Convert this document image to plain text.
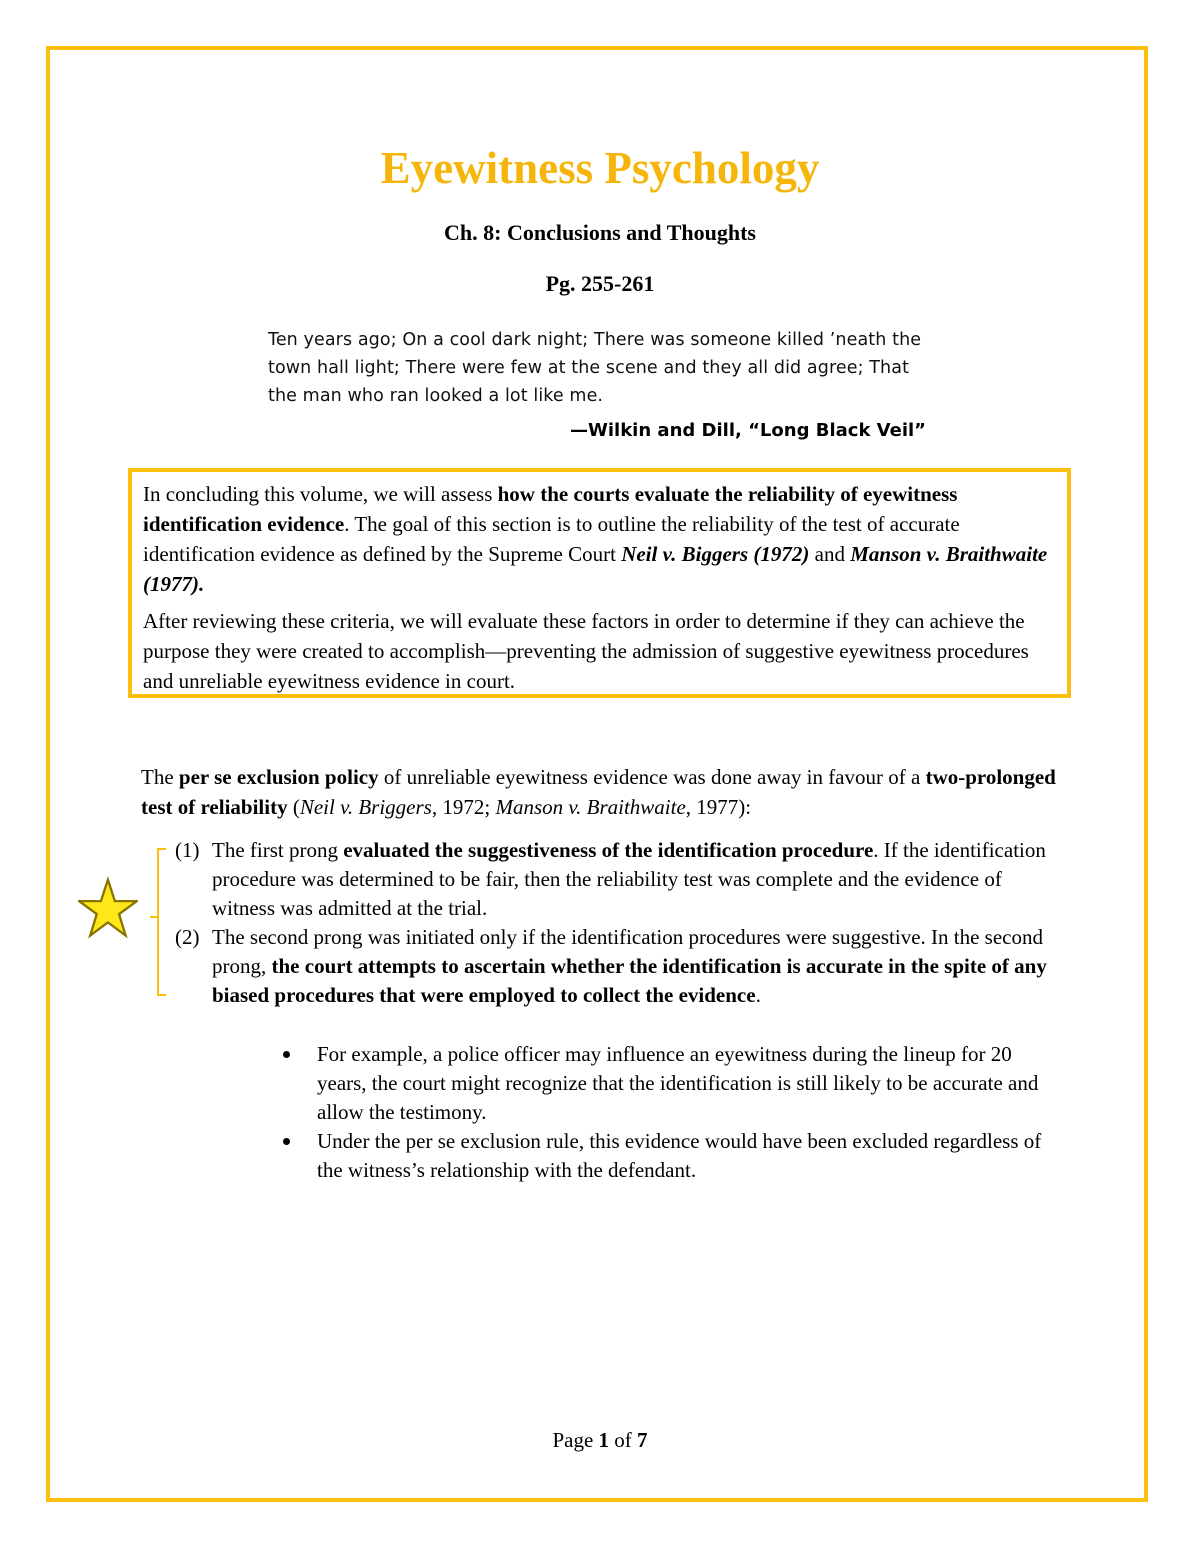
Eyewitness Psychology
Ch. 8: Conclusions and Thoughts
Pg. 255-261
Ten years ago; On a cool dark night; There was someone killed ’neath the town hall light; There were few at the scene and they all did agree; That the man who ran looked a lot like me.
—Wilkin and Dill, “Long Black Veil”

In concluding this volume, we will assess how the courts evaluate the reliability of eyewitness identification evidence. The goal of this section is to outline the reliability of the test of accurate identification evidence as defined by the Supreme Court Neil v. Biggers (1972) and Manson v. Braithwaite (1977).

After reviewing these criteria, we will evaluate these factors in order to determine if they can achieve the purpose they were created to accomplish—preventing the admission of suggestive eyewitness procedures and unreliable eyewitness evidence in court.

The per se exclusion policy of unreliable eyewitness evidence was done away in favour of a two-prolonged test of reliability (Neil v. Briggers, 1972; Manson v. Braithwaite, 1977):

(1) The first prong evaluated the suggestiveness of the identification procedure. If the identification procedure was determined to be fair, then the reliability test was complete and the evidence of witness was admitted at the trial.
(2) The second prong was initiated only if the identification procedures were suggestive. In the second prong, the court attempts to ascertain whether the identification is accurate in the spite of any biased procedures that were employed to collect the evidence.
For example, a police officer may influence an eyewitness during the lineup for 20 years, the court might recognize that the identification is still likely to be accurate and allow the testimony.
Under the per se exclusion rule, this evidence would have been excluded regardless of the witness’s relationship with the defendant.
Page 1 of 7
